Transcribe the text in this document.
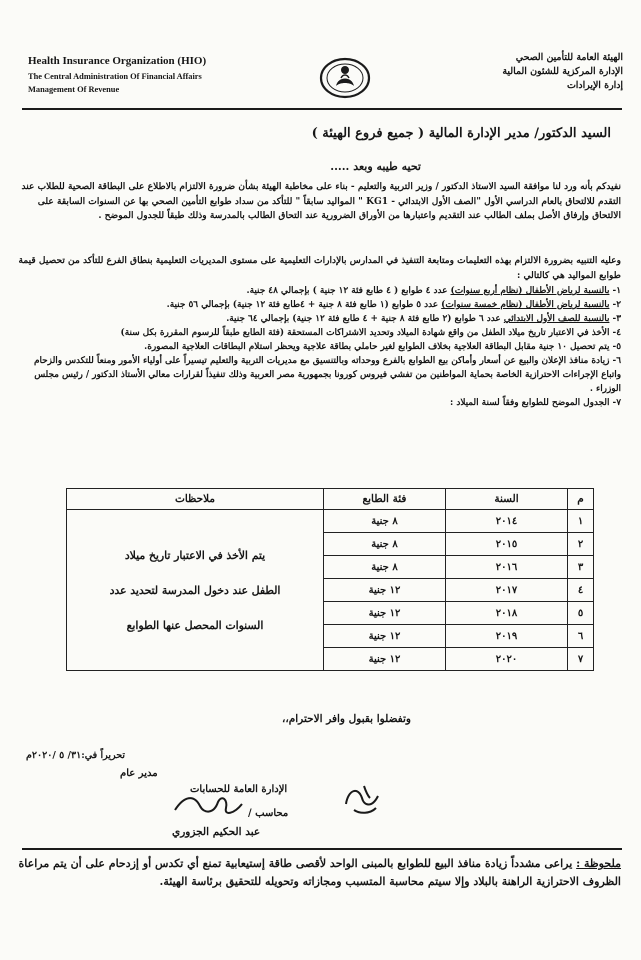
Health Insurance Organization (HIO)
The Central Administration Of Financial Affairs
Management Of Revenue
الهيئة العامة للتأمين الصحي
الإدارة المركزية للشئون المالية
إدارة الإيرادات
السيد الدكتور/ مدير الإدارة المالية ( جميع فروع الهيئة )
تحيه طيبه وبعد .....
نفيدكم بأنه ورد لنا موافقة السيد الاستاذ الدكتور / وزير التربية والتعليم - بناء على مخاطبة الهيئة بشأن ضرورة الالتزام بالاطلاع على البطاقة الصحية للطلاب عند التقدم للالتحاق بالعام الدراسي الأول "الصف الأول الابتدائي - KG1 " المواليد سابقاً " للتأكد من سداد طوابع التأمين الصحي بها عن السنوات السابقة على الالتحاق وإرفاق الأصل بملف الطالب عند التقديم واعتبارها من الأوراق الضرورية عند التحاق الطالب بالمدرسة وذلك طبقاً للجدول الموضح .
وعليه التنبيه بضرورة الالتزام بهذه التعليمات ومتابعة التنفيذ في المدارس بالإدارات التعليمية على مستوى المديريات التعليمية بنطاق الفرع للتأكد من تحصيل قيمة طوابع المواليد هي كالتالي :
١- بالنسبة لرياض الأطفال (نظام أربع سنوات) عدد ٤ طوابع ( ٤ طابع فئة ١٢ جنية ) بإجمالي ٤٨ جنية.
٢- بالنسبة لرياض الأطفال (نظام خمسة سنوات) عدد ٥ طوابع (١ طابع فئة ٨ جنية + ٤طابع فئة ١٢ جنية) بإجمالي ٥٦ جنية.
٣- بالنسبة للصف الأول الابتدائي عدد ٦ طوابع (٢ طابع فئة ٨ جنية + ٤ طابع فئة ١٢ جنية) بإجمالي ٦٤ جنية.
٤- الأخذ في الاعتبار تاريخ ميلاد الطفل من واقع شهادة الميلاد وتحديد الاشتراكات المستحقة (فئة الطابع طبقاً للرسوم المقررة بكل سنة)
٥- يتم تحصيل ١٠ جنية مقابل البطاقة العلاجية بخلاف الطوابع لغير حاملي بطاقة علاجية ويحظر استلام البطاقات العلاجية المصورة.
٦- زيادة منافذ الإعلان والبيع عن أسعار وأماكن بيع الطوابع بالفرع ووحداته وبالتنسيق مع مديريات التربية والتعليم تيسيراً على أولياء الأمور ومنعاً للتكدس والزحام واتباع الإجراءات الاحترازية الخاصة بحماية المواطنين من تفشي فيروس كورونا بجمهورية مصر العربية وذلك تنفيذاً لقرارات معالي الأستاذ الدكتور / رئيس مجلس الوزراء .
٧- الجدول الموضح للطوابع وفقاً لسنة الميلاد :
م	السنة	فئة الطابع	ملاحظات
١	٢٠١٤	٨ جنية	يتم الأخذ في الاعتبار تاريخ ميلاد
الطفل عند دخول المدرسة لتحديد عدد
السنوات المحصل عنها الطوابع

٢	٢٠١٥	٨ جنية	
٣	٢٠١٦	٨ جنية	
٤	٢٠١٧	١٢ جنية	
٥	٢٠١٨	١٢ جنية	
٦	٢٠١٩	١٢ جنية	
٧	٢٠٢٠	١٢ جنية	
وتفضلوا بقبول وافر الاحترام،،
تحريراً في:٣١/ ٥ /٢٠٢٠م
مدير عام
الإدارة العامة للحسابات
محاسب /
عبد الحكيم الجزوري
ملحوظة : يراعى مشدداً زيادة منافذ البيع للطوابع بالمبنى الواحد لأقصى طاقة إستيعابية تمنع أي تكدس أو إزدحام على أن يتم مراعاة الظروف الاحترازية الراهنة بالبلاد وإلا سيتم محاسبة المتسبب ومجازاته وتحويله للتحقيق برئاسة الهيئة.
